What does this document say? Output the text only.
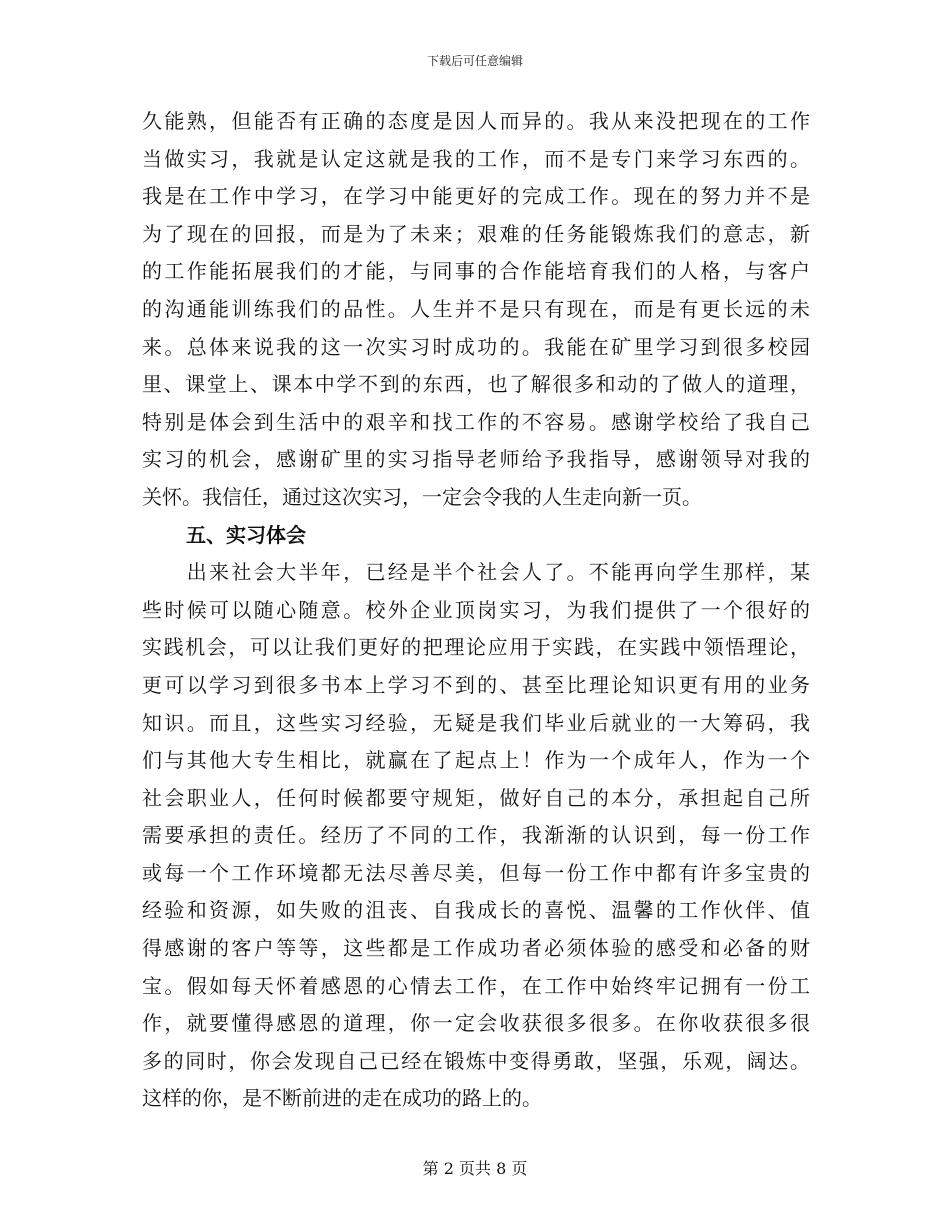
下载后可任意编辑
久能熟，但能否有正确的态度是因人而异的。我从来没把现在的工作
当做实习，我就是认定这就是我的工作，而不是专门来学习东西的。
我是在工作中学习，在学习中能更好的完成工作。现在的努力并不是
为了现在的回报，而是为了未来；艰难的任务能锻炼我们的意志，新
的工作能拓展我们的才能，与同事的合作能培育我们的人格，与客户
的沟通能训练我们的品性。人生并不是只有现在，而是有更长远的未
来。总体来说我的这一次实习时成功的。我能在矿里学习到很多校园
里、课堂上、课本中学不到的东西，也了解很多和动的了做人的道理，
特别是体会到生活中的艰辛和找工作的不容易。感谢学校给了我自己
实习的机会，感谢矿里的实习指导老师给予我指导，感谢领导对我的
关怀。我信任，通过这次实习，一定会令我的人生走向新一页。
五、实习体会
　　出来社会大半年，已经是半个社会人了。不能再向学生那样，某
些时候可以随心随意。校外企业顶岗实习，为我们提供了一个很好的
实践机会，可以让我们更好的把理论应用于实践，在实践中领悟理论，
更可以学习到很多书本上学习不到的、甚至比理论知识更有用的业务
知识。而且，这些实习经验，无疑是我们毕业后就业的一大筹码，我
们与其他大专生相比，就赢在了起点上！作为一个成年人，作为一个
社会职业人，任何时候都要守规矩，做好自己的本分，承担起自己所
需要承担的责任。经历了不同的工作，我渐渐的认识到，每一份工作
或每一个工作环境都无法尽善尽美，但每一份工作中都有许多宝贵的
经验和资源，如失败的沮丧、自我成长的喜悦、温馨的工作伙伴、值
得感谢的客户等等，这些都是工作成功者必须体验的感受和必备的财
宝。假如每天怀着感恩的心情去工作，在工作中始终牢记拥有一份工
作，就要懂得感恩的道理，你一定会收获很多很多。在你收获很多很
多的同时，你会发现自己已经在锻炼中变得勇敢，坚强，乐观，阔达。
这样的你，是不断前进的走在成功的路上的。
第 2 页共 8 页
